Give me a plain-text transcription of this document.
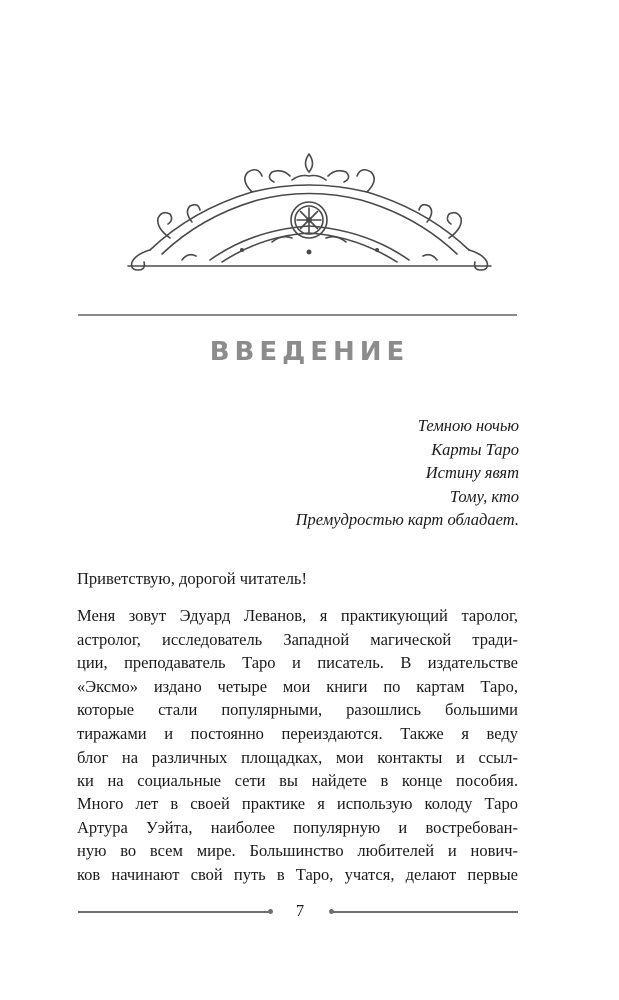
ВВЕДЕНИЕ
Темною ночью
Карты Таро
Истину явят
Тому, кто
Премудростью карт обладает.
Приветствую, дорогой читатель!
Меня зовут Эдуард Леванов, я практикующий таролог,
астролог, исследователь Западной магической тради-
ции, преподаватель Таро и писатель. В издательстве
«Эксмо» издано четыре мои книги по картам Таро,
которые стали популярными, разошлись большими
тиражами и постоянно переиздаются. Также я веду
блог на различных площадках, мои контакты и ссыл-
ки на социальные сети вы найдете в конце пособия.
Много лет в своей практике я использую колоду Таро
Артура Уэйта, наиболее популярную и востребован-
ную во всем мире. Большинство любителей и нович-
ков начинают свой путь в Таро, учатся, делают первые
7
